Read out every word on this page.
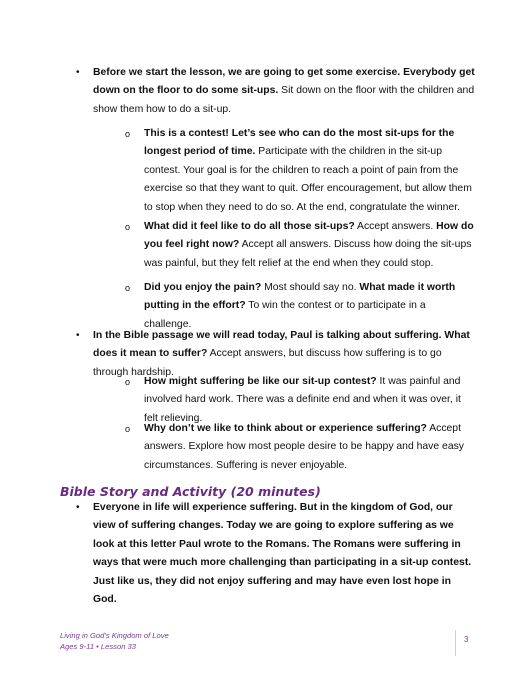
• Before we start the lesson, we are going to get some exercise. Everybody get down on the floor to do some sit-ups. Sit down on the floor with the children and show them how to do a sit-up.
o This is a contest! Let’s see who can do the most sit-ups for the longest period of time. Participate with the children in the sit-up contest. Your goal is for the children to reach a point of pain from the exercise so that they want to quit. Offer encouragement, but allow them to stop when they need to do so. At the end, congratulate the winner.
o What did it feel like to do all those sit-ups? Accept answers. How do you feel right now? Accept all answers. Discuss how doing the sit-ups was painful, but they felt relief at the end when they could stop.
o Did you enjoy the pain? Most should say no. What made it worth putting in the effort? To win the contest or to participate in a challenge.
• In the Bible passage we will read today, Paul is talking about suffering. What does it mean to suffer? Accept answers, but discuss how suffering is to go through hardship.
o How might suffering be like our sit-up contest? It was painful and involved hard work. There was a definite end and when it was over, it felt relieving.
o Why don’t we like to think about or experience suffering? Accept answers. Explore how most people desire to be happy and have easy circumstances. Suffering is never enjoyable.
Bible Story and Activity (20 minutes)
• Everyone in life will experience suffering. But in the kingdom of God, our view of suffering changes. Today we are going to explore suffering as we look at this letter Paul wrote to the Romans. The Romans were suffering in ways that were much more challenging than participating in a sit-up contest. Just like us, they did not enjoy suffering and may have even lost hope in God.
Living in God’s Kingdom of Love
Ages 9-11 • Lesson 33
3
